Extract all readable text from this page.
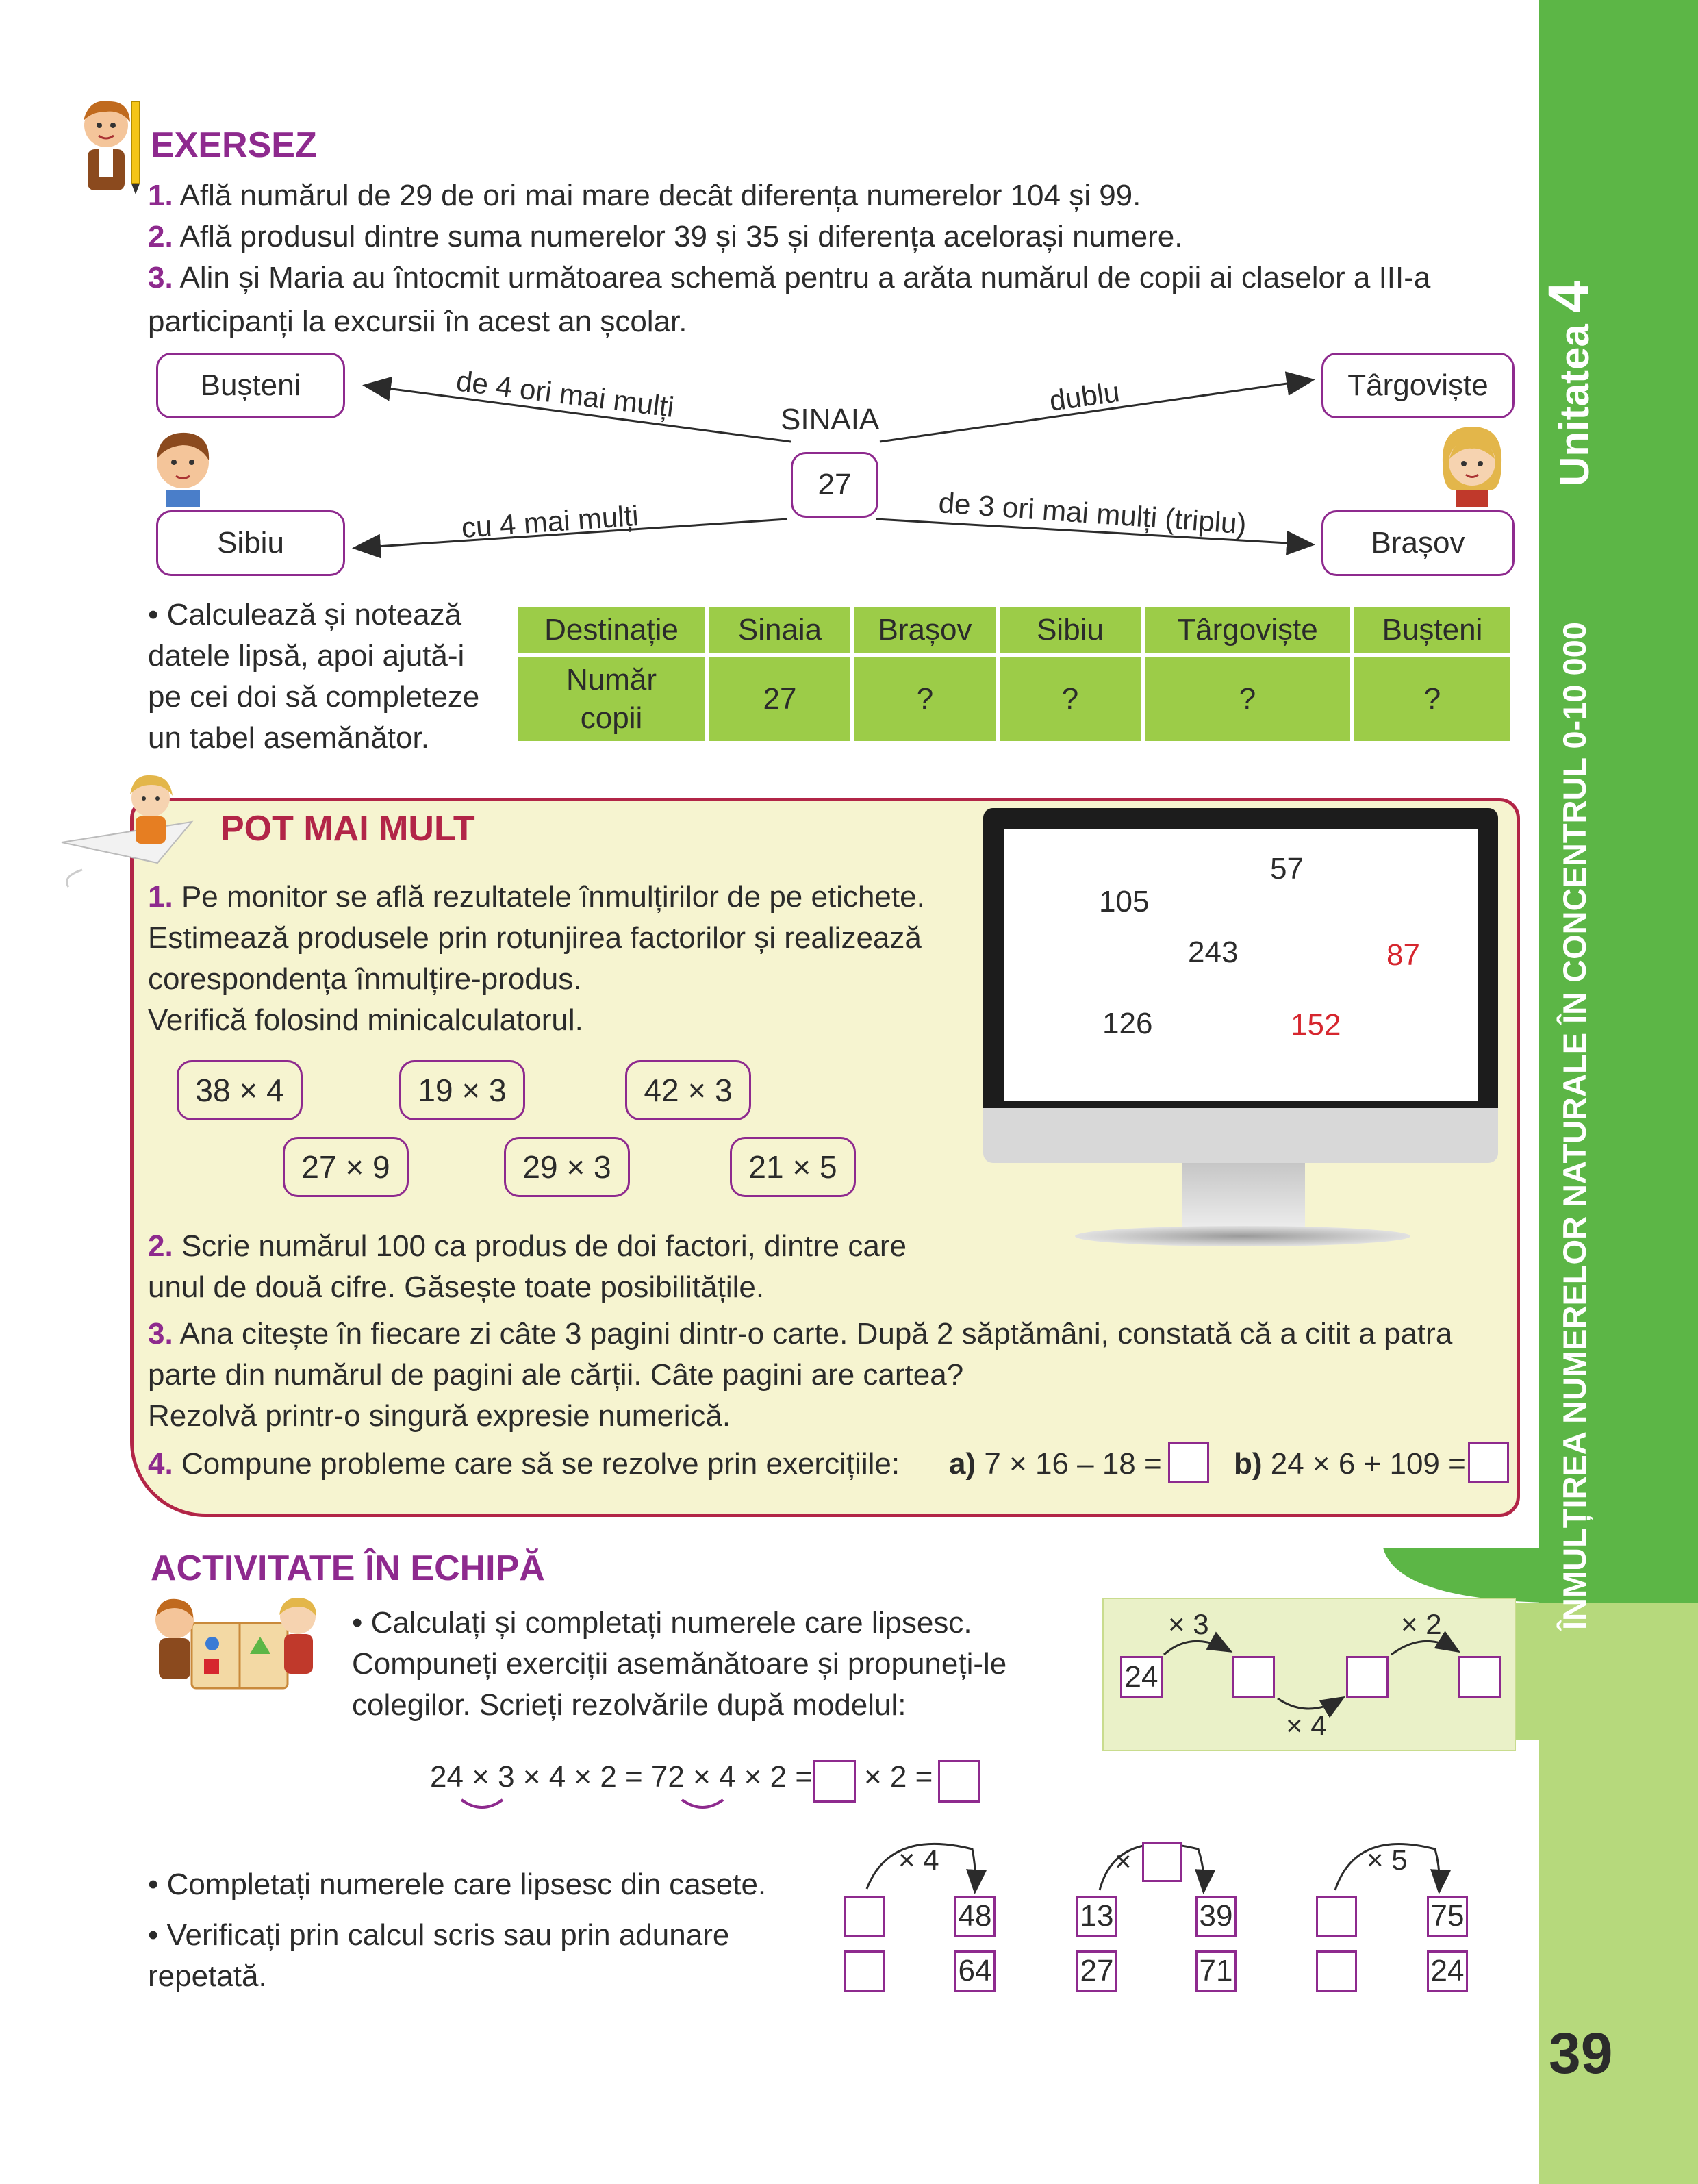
Unitatea 4
ÎNMULȚIREA NUMERELOR NATURALE ÎN CONCENTRUL 0-10 000
39
EXERSEZ
1. Află numărul de 29 de ori mai mare decât diferența numerelor 104 și 99.
2. Află produsul dintre suma numerelor 39 și 35 și diferența acelorași numere.
3. Alin și Maria au întocmit următoarea schemă pentru a arăta numărul de copii ai claselor a III-a
participanți la excursii în acest an școlar.
Bușteni	Târgoviște
Sibiu	Brașov
SINAIA
27
de 4 ori mai mulți	dublu
cu 4 mai mulți	de 3 ori mai mulți (triplu)
• Calculează și notează
datele lipsă, apoi ajută-i
pe cei doi să completeze
un tabel asemănător.
Destinație	Sinaia	Brașov	Sibiu	Târgoviște	Bușteni

Număr
copii	27	?	?	?	?
POT MAI MULT
1. Pe monitor se află rezultatele înmulțirilor de pe etichete.
Estimează produsele prin rotunjirea factorilor și realizează
corespondența înmulțire-produs.
Verifică folosind minicalculatorul.
38 × 4	19 × 3	42 × 3
27 × 9	29 × 3	21 × 5
57
105
243	87
126	152
2. Scrie numărul 100 ca produs de doi factori, dintre care
unul de două cifre. Găsește toate posibilitățile.
3. Ana citește în fiecare zi câte 3 pagini dintr-o carte. După 2 săptămâni, constată că a citit a patra
parte din numărul de pagini ale cărții. Câte pagini are cartea?
Rezolvă printr-o singură expresie numerică.
4. Compune probleme care să se rezolve prin exercițiile: a) 7 × 16 – 18 = b) 24 × 6 + 109 =
ACTIVITATE ÎN ECHIPĂ
• Calculați și completați numerele care lipsesc.
Compuneți exerciții asemănătoare și propuneți-le
colegilor. Scrieți rezolvările după modelul:
24
× 3
× 4
× 2
24 × 3 × 4 × 2 = 72 × 4 × 2 = × 2 =
• Completați numerele care lipsesc din casete.
• Verificați prin calcul scris sau prin adunare
repetată.
× 4	×	× 5
48
64
13	39
27	71
75
24
